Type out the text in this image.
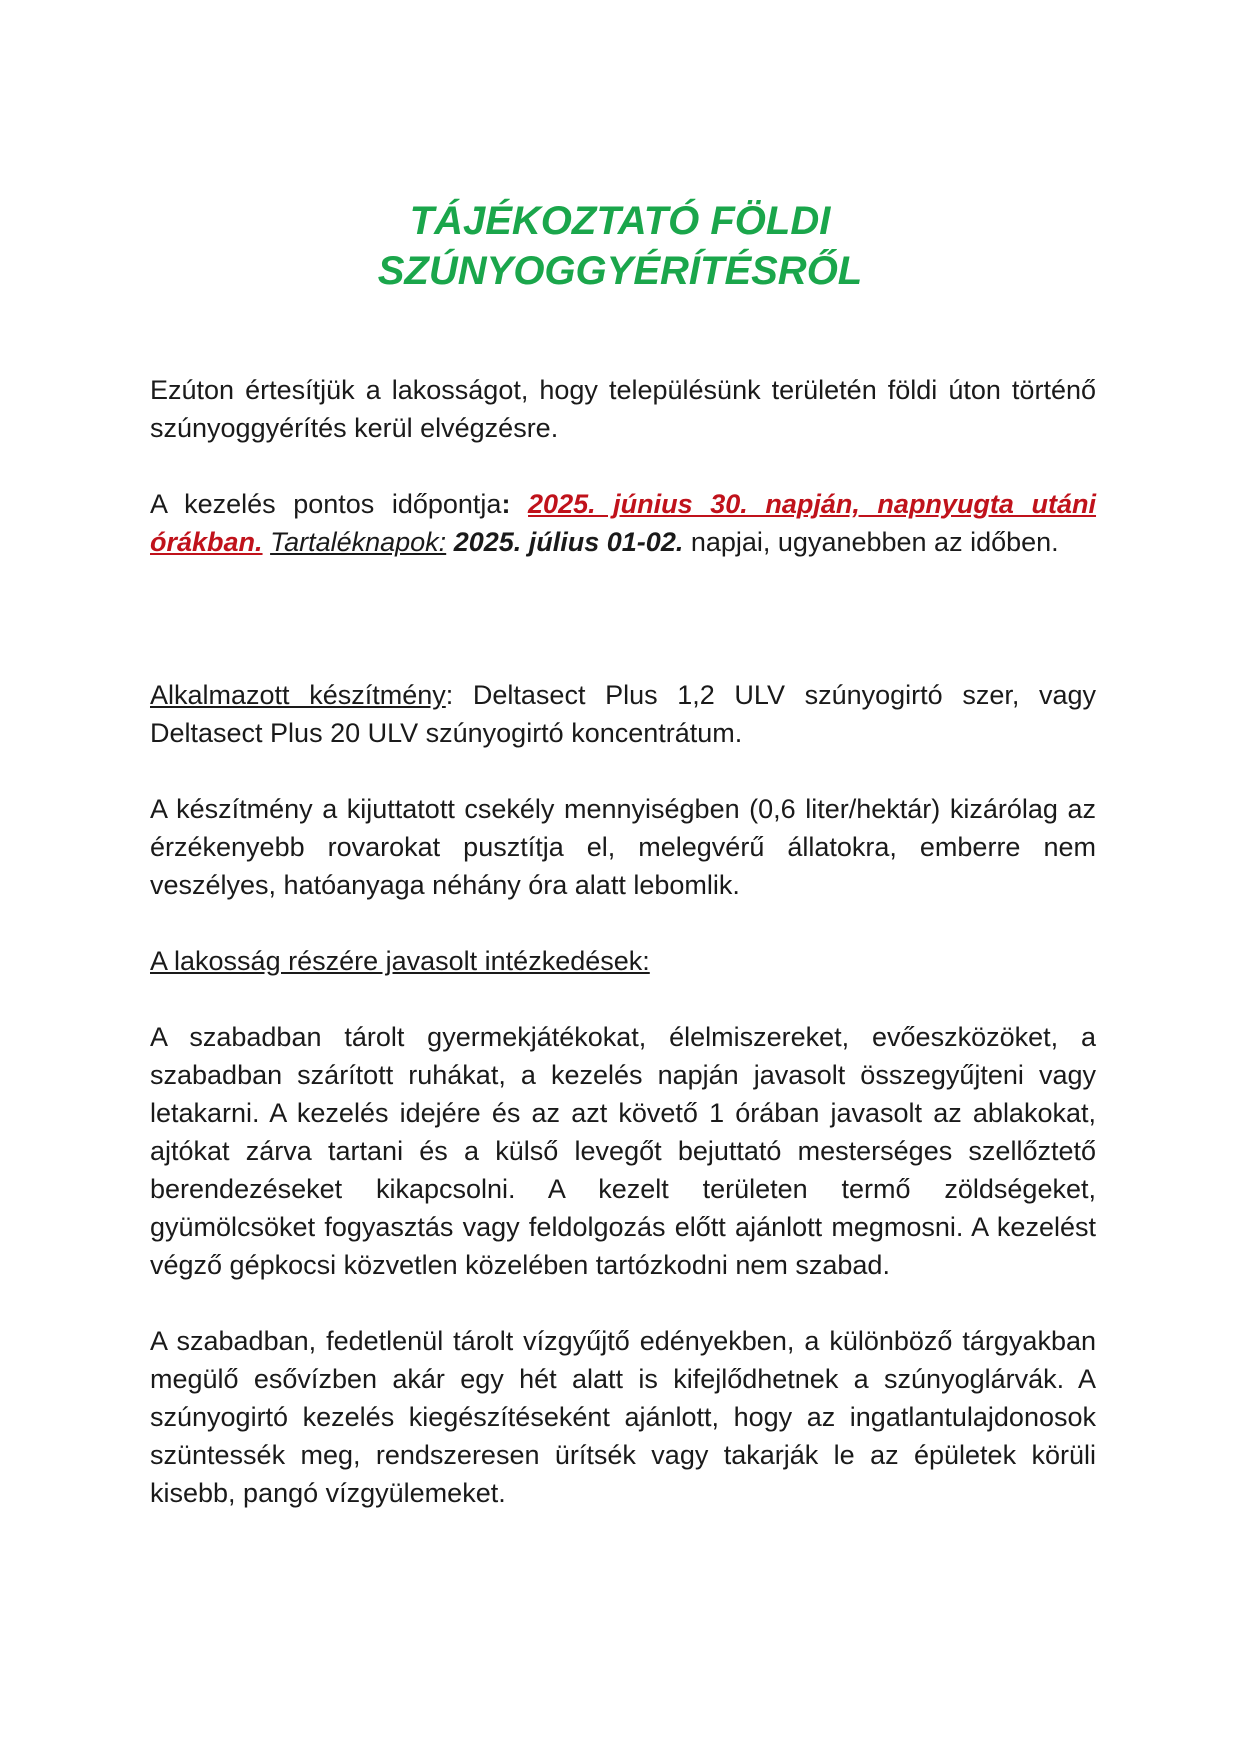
TÁJÉKOZTATÓ FÖLDI
SZÚNYOGGYÉRÍTÉSRŐL

Ezúton értesítjük a lakosságot, hogy településünk területén földi úton történő szúnyoggyérítés kerül elvégzésre.

A kezelés pontos időpontja: 2025. június 30. napján, napnyugta utáni órákban. Tartaléknapok: 2025. július 01-02. napjai, ugyanebben az időben.

Alkalmazott készítmény: Deltasect Plus 1,2 ULV szúnyogirtó szer, vagy Deltasect Plus 20 ULV szúnyogirtó koncentrátum.

A készítmény a kijuttatott csekély mennyiségben (0,6 liter/hektár) kizárólag az érzékenyebb rovarokat pusztítja el, melegvérű állatokra, emberre nem veszélyes, hatóanyaga néhány óra alatt lebomlik.

A lakosság részére javasolt intézkedések:

A szabadban tárolt gyermekjátékokat, élelmiszereket, evőeszközöket, a szabadban szárított ruhákat, a kezelés napján javasolt összegyűjteni vagy letakarni. A kezelés idejére és az azt követő 1 órában javasolt az ablakokat, ajtókat zárva tartani és a külső levegőt bejuttató mesterséges szellőztető berendezéseket kikapcsolni. A kezelt területen termő zöldségeket, gyümölcsöket fogyasztás vagy feldolgozás előtt ajánlott megmosni. A kezelést végző gépkocsi közvetlen közelében tartózkodni nem szabad.

A szabadban, fedetlenül tárolt vízgyűjtő edényekben, a különböző tárgyakban megülő esővízben akár egy hét alatt is kifejlődhetnek a szúnyoglárvák. A szúnyogirtó kezelés kiegészítéseként ajánlott, hogy az ingatlantulajdonosok szüntessék meg, rendszeresen ürítsék vagy takarják le az épületek körüli kisebb, pangó vízgyülemeket.
